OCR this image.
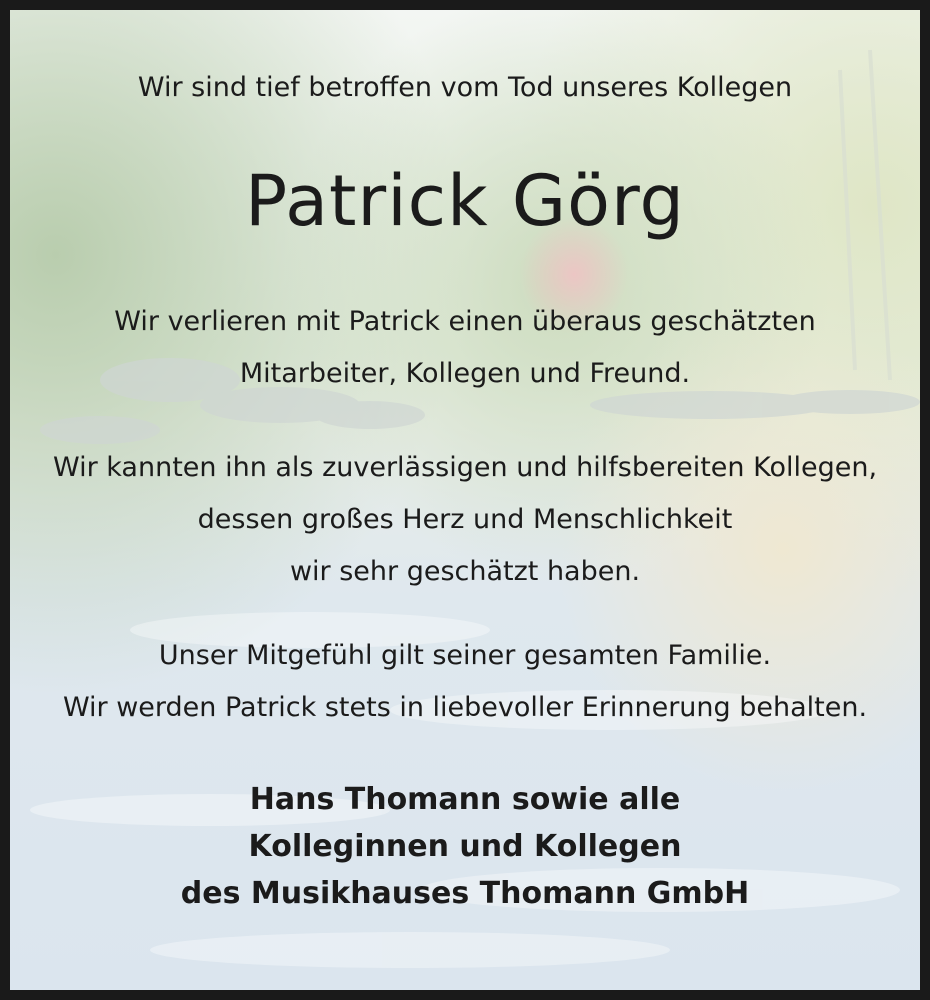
Wir sind tief betroffen vom Tod unseres Kollegen
Patrick Görg
Wir verlieren mit Patrick einen überaus geschätzten
Mitarbeiter, Kollegen und Freund.
Wir kannten ihn als zuverlässigen und hilfsbereiten Kollegen,
dessen großes Herz und Menschlichkeit
wir sehr geschätzt haben.
Unser Mitgefühl gilt seiner gesamten Familie.
Wir werden Patrick stets in liebevoller Erinnerung behalten.
Hans Thomann sowie alle
Kolleginnen und Kollegen
des Musikhauses Thomann GmbH
